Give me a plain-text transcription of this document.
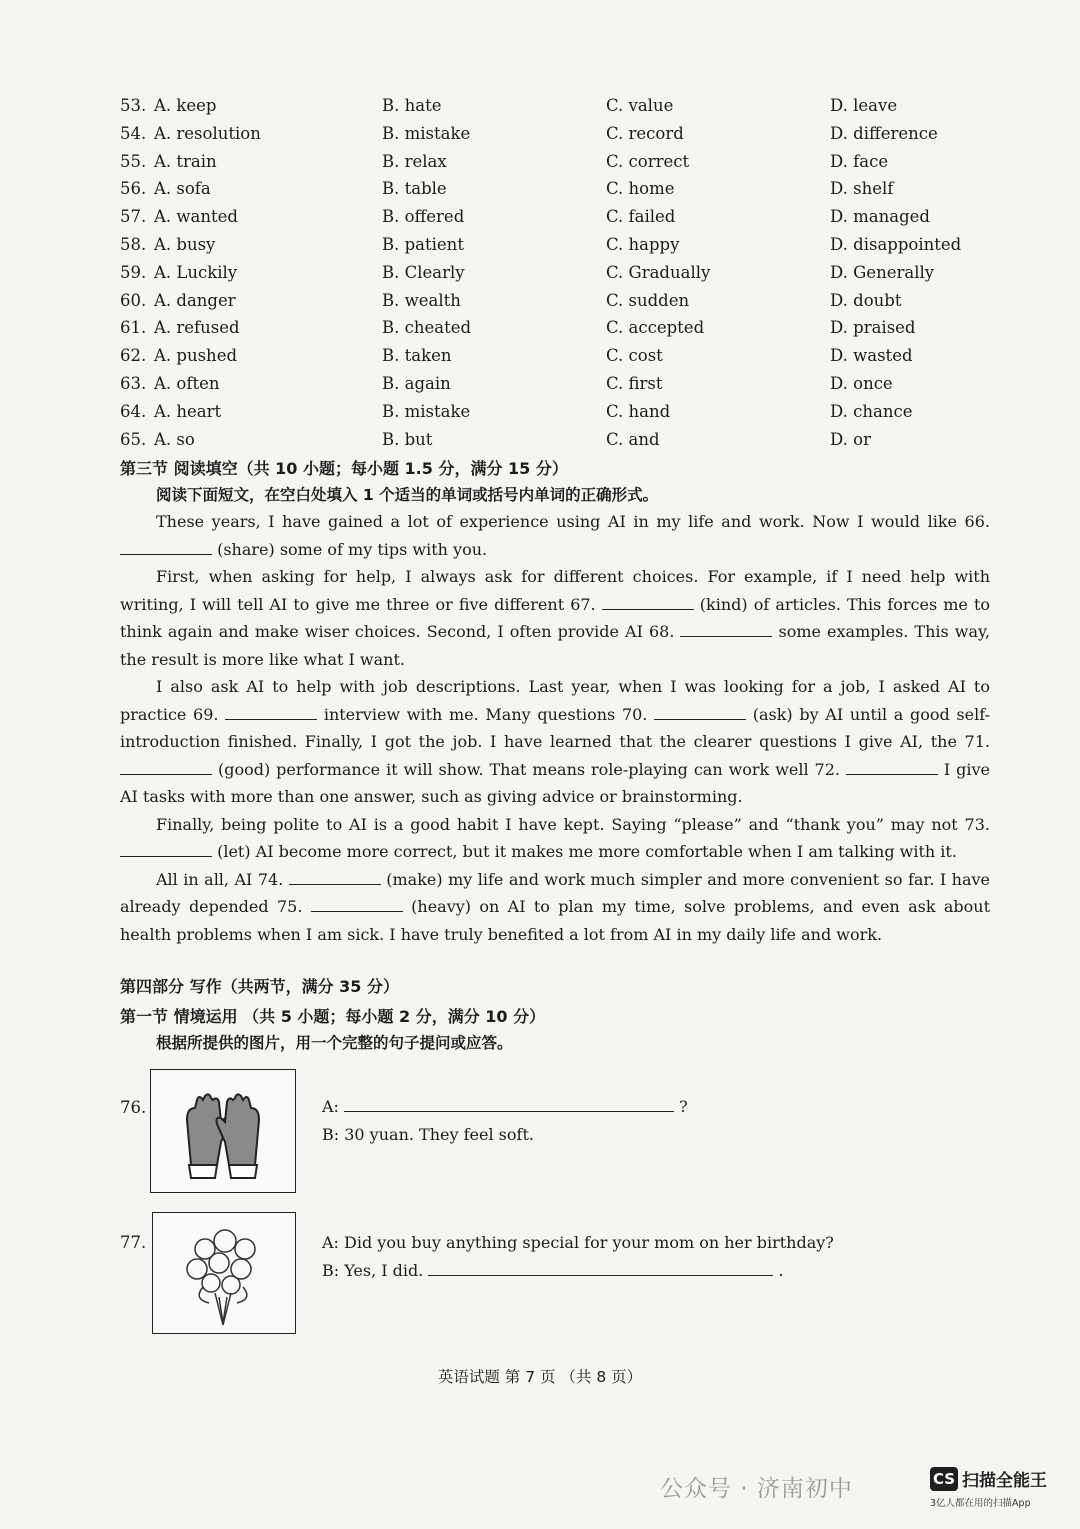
53. A. keep	B. hate	C. value	D. leave
54. A. resolution	B. mistake	C. record	D. difference
55. A. train	B. relax	C. correct	D. face
56. A. sofa	B. table	C. home	D. shelf
57. A. wanted	B. offered	C. failed	D. managed
58. A. busy	B. patient	C. happy	D. disappointed
59. A. Luckily	B. Clearly	C. Gradually	D. Generally
60. A. danger	B. wealth	C. sudden	D. doubt
61. A. refused	B. cheated	C. accepted	D. praised
62. A. pushed	B. taken	C. cost	D. wasted
63. A. often	B. again	C. first	D. once
64. A. heart	B. mistake	C. hand	D. chance
65. A. so	B. but	C. and	D. or
第三节 阅读填空（共 10 小题；每小题 1.5 分，满分 15 分）
阅读下面短文，在空白处填入 1 个适当的单词或括号内单词的正确形式。

These years, I have gained a lot of experience using AI in my life and work. Now I would like 66.  (share) some of my tips with you.

First, when asking for help, I always ask for different choices. For example, if I need help with writing, I will tell AI to give me three or five different 67.	(kind) of articles. This forces me to think again and make wiser choices. Second, I often provide AI 68.	some examples. This way, the result is more like what I want.

I also ask AI to help with job descriptions. Last year, when I was looking for a job, I asked AI to practice 69.	interview with me. Many questions 70.	(ask) by AI until a good self-introduction finished. Finally, I got the job. I have learned that the clearer questions I give AI, the 71.  (good) performance it will show. That means role-playing can work well 72.	I give AI tasks with more than one answer, such as giving advice or brainstorming.

Finally, being polite to AI is a good habit I have kept. Saying “please” and “thank you” may not 73.  (let) AI become more correct, but it makes me more comfortable when I am talking with it.

All in all, AI 74.	(make) my life and work much simpler and more convenient so far. I have already depended 75.	(heavy) on AI to plan my time, solve problems, and even ask about health problems when I am sick. I have truly benefited a lot from AI in my daily life and work.

第四部分 写作（共两节，满分 35 分）
第一节 情境运用 （共 5 小题；每小题 2 分，满分 10 分）
根据所提供的图片，用一个完整的句子提问或应答。
76.	A:	?
B: 30 yuan. They feel soft.
77.	A: Did you buy anything special for your mom on her birthday?
B: Yes, I did.	.
英语试题 第 7 页 （共 8 页）
公众号 · 济南初中	CS 扫描全能王
3亿人都在用的扫描App
